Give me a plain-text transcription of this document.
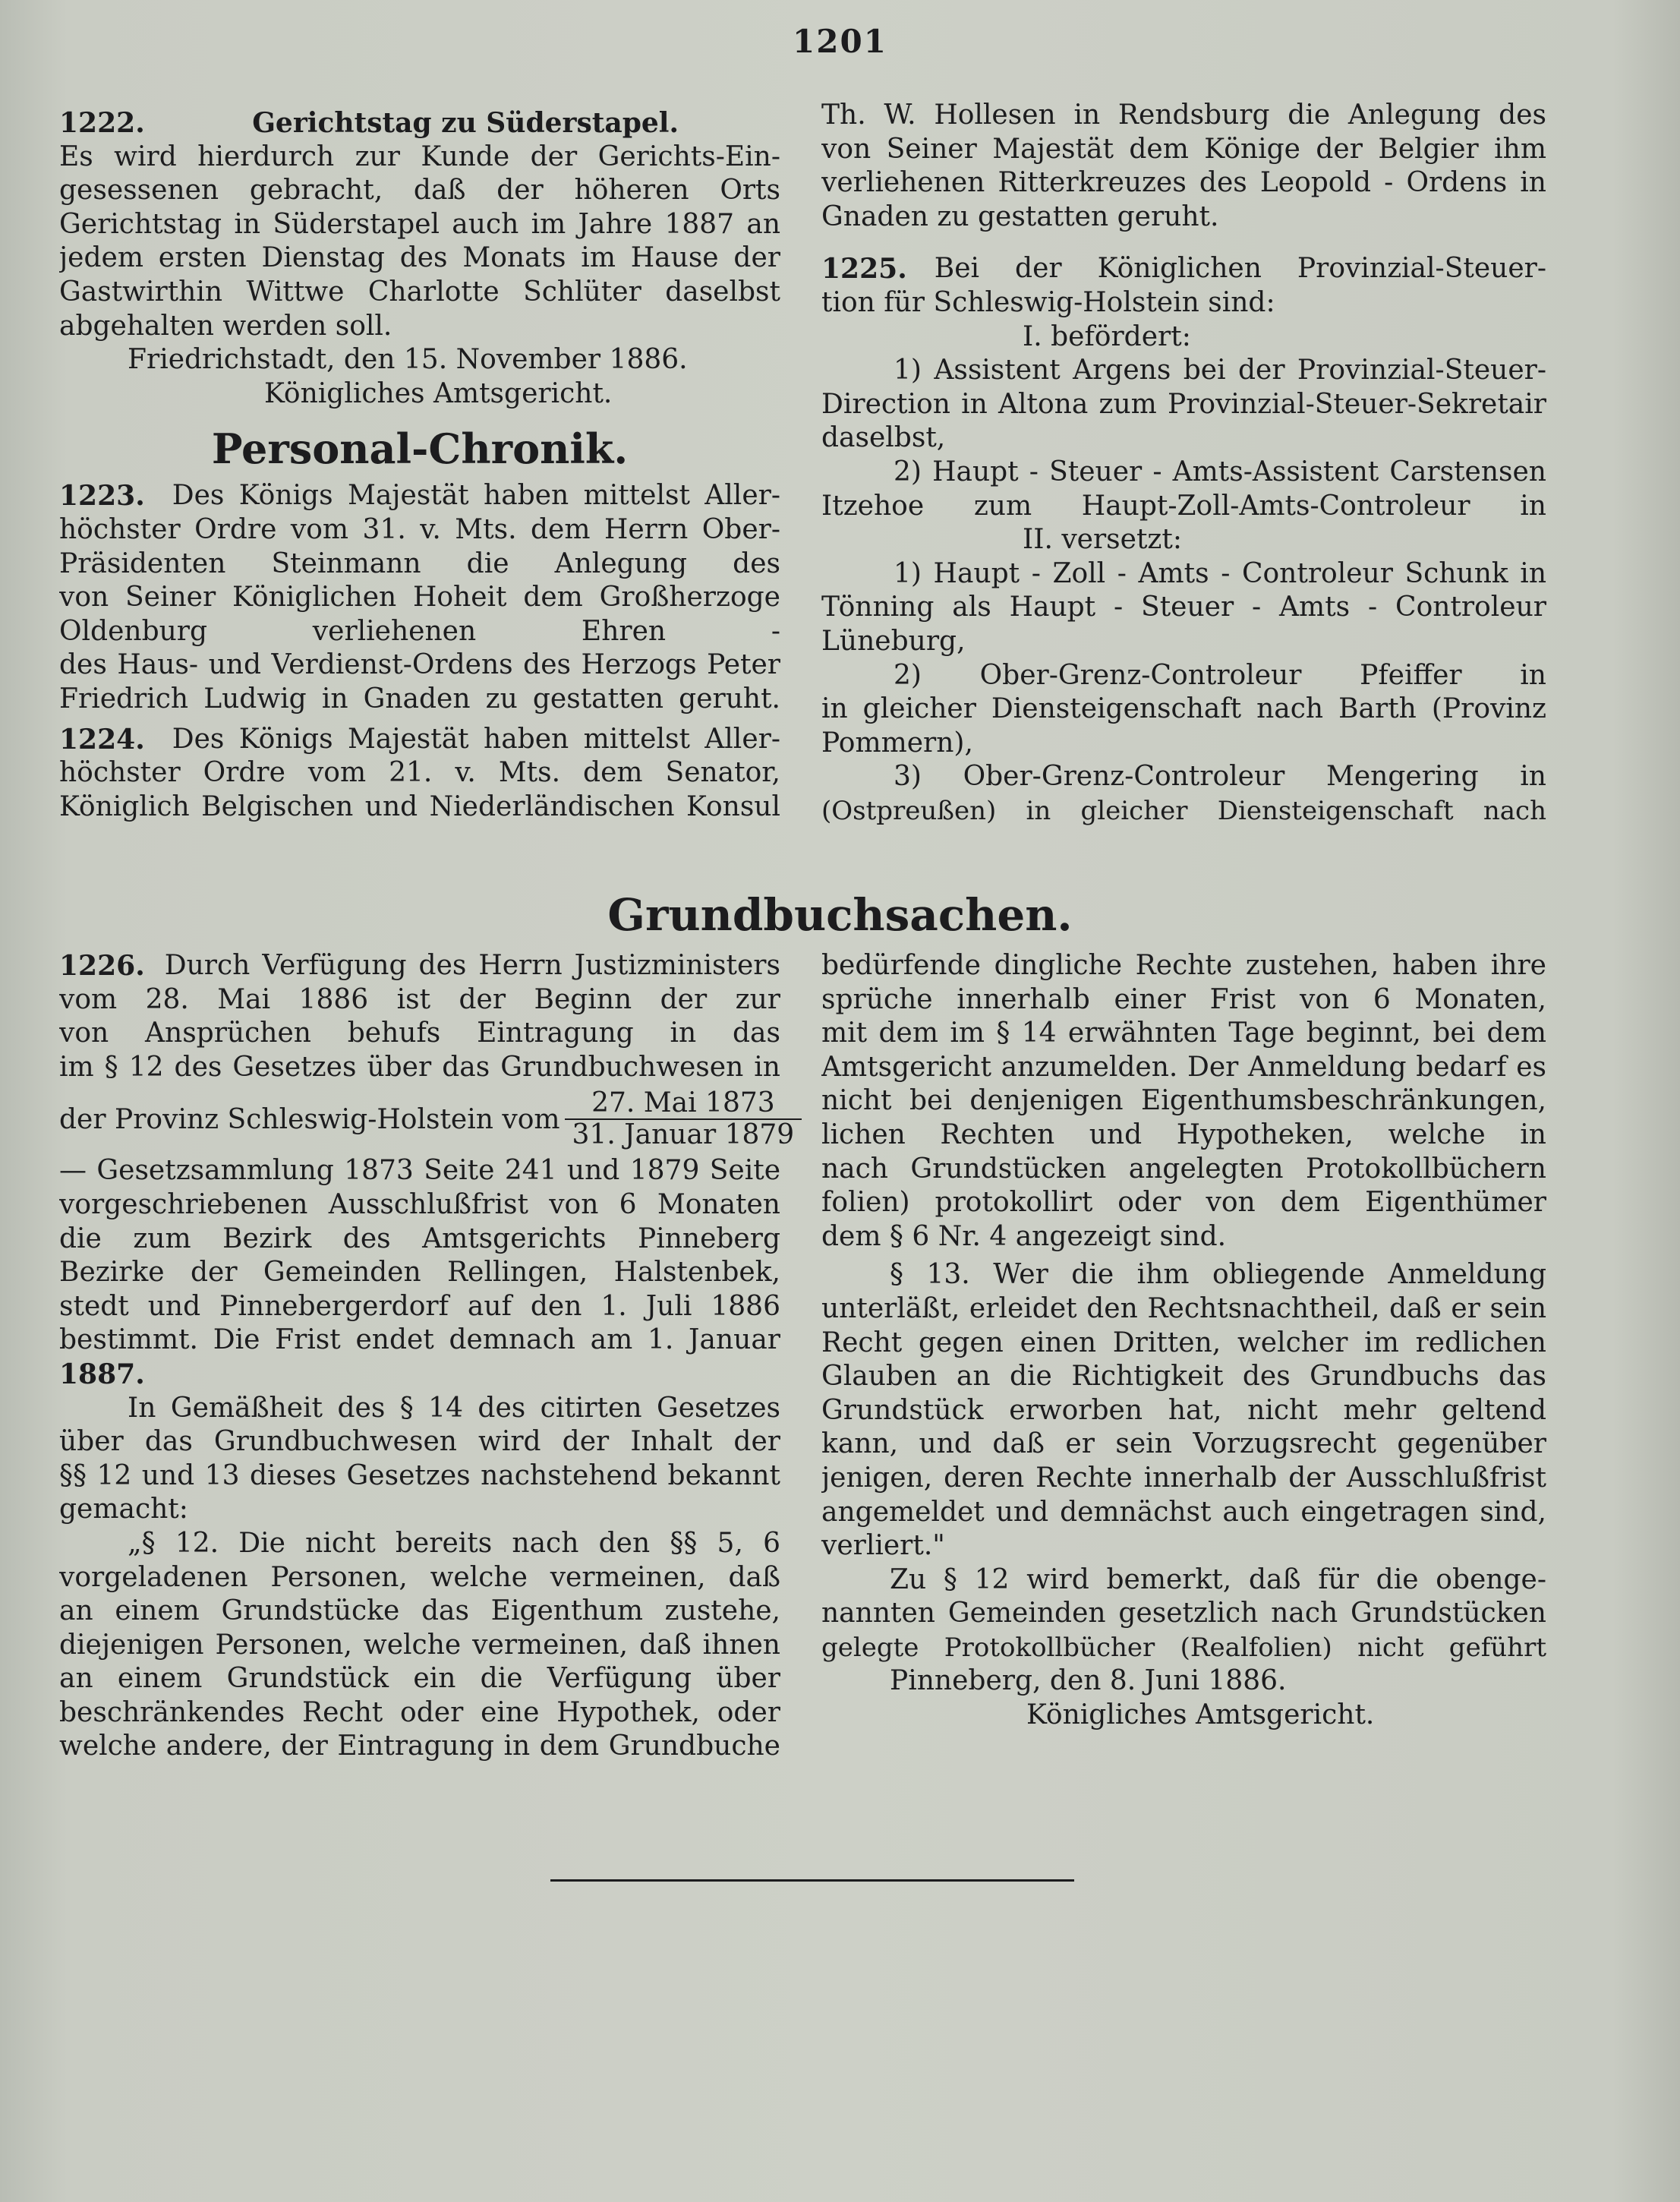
1201
1222.	Gerichtstag zu Süderstapel.
Es wird hierdurch zur Kunde der Gerichts-Ein-
gesessenen gebracht, daß der höheren Orts
Gerichtstag in Süderstapel auch im Jahre 1887 an
jedem ersten Dienstag des Monats im Hause der
Gastwirthin Wittwe Charlotte Schlüter daselbst
abgehalten werden soll.
Friedrichstadt, den 15. November 1886.
Königliches Amtsgericht.
Personal-Chronik.
1223. Des Königs Majestät haben mittelst Aller-
höchster Ordre vom 31. v. Mts. dem Herrn Ober-
Präsidenten Steinmann die Anlegung des
von Seiner Königlichen Hoheit dem Großherzoge
Oldenburg verliehenen Ehren -
des Haus- und Verdienst-Ordens des Herzogs Peter
Friedrich Ludwig in Gnaden zu gestatten geruht.
1224. Des Königs Majestät haben mittelst Aller-
höchster Ordre vom 21. v. Mts. dem Senator,
Königlich Belgischen und Niederländischen Konsul
Th. W. Hollesen in Rendsburg die Anlegung des
von Seiner Majestät dem Könige der Belgier ihm
verliehenen Ritterkreuzes des Leopold - Ordens in
Gnaden zu gestatten geruht.
1225. Bei der Königlichen Provinzial-Steuer-
tion für Schleswig-Holstein sind:
I. befördert:
1) Assistent Argens bei der Provinzial-Steuer-
Direction in Altona zum Provinzial-Steuer-Sekretair
daselbst,
2) Haupt - Steuer - Amts-Assistent Carstensen
Itzehoe zum Haupt-Zoll-Amts-Controleur in
II. versetzt:
1) Haupt - Zoll - Amts - Controleur Schunk in
Tönning als Haupt - Steuer - Amts - Controleur
Lüneburg,
2) Ober-Grenz-Controleur Pfeiffer in
in gleicher Diensteigenschaft nach Barth (Provinz
Pommern),
3) Ober-Grenz-Controleur Mengering in
(Ostpreußen) in gleicher Diensteigenschaft nach
Grundbuchsachen.
1226. Durch Verfügung des Herrn Justizministers
vom 28. Mai 1886 ist der Beginn der zur
von Ansprüchen behufs Eintragung in das
im § 12 des Gesetzes über das Grundbuchwesen in
der Provinz Schleswig-Holstein vom $\frac{\text{27. Mai 1873}}{\text{31. Januar 1879}}$
— Gesetzsammlung 1873 Seite 241 und 1879 Seite
vorgeschriebenen Ausschlußfrist von 6 Monaten
die zum Bezirk des Amtsgerichts Pinneberg
Bezirke der Gemeinden Rellingen, Halstenbek,
stedt und Pinnebergerdorf auf den 1. Juli 1886
bestimmt. Die Frist endet demnach am 1. Januar
1887.
In Gemäßheit des § 14 des citirten Gesetzes
über das Grundbuchwesen wird der Inhalt der
§§ 12 und 13 dieses Gesetzes nachstehend bekannt
gemacht:
„§ 12. Die nicht bereits nach den §§ 5, 6
vorgeladenen Personen, welche vermeinen, daß
an einem Grundstücke das Eigenthum zustehe,
diejenigen Personen, welche vermeinen, daß ihnen
an einem Grundstück ein die Verfügung über
beschränkendes Recht oder eine Hypothek, oder
welche andere, der Eintragung in dem Grundbuche
bedürfende dingliche Rechte zustehen, haben ihre
sprüche innerhalb einer Frist von 6 Monaten,
mit dem im § 14 erwähnten Tage beginnt, bei dem
Amtsgericht anzumelden. Der Anmeldung bedarf es
nicht bei denjenigen Eigenthumsbeschränkungen,
lichen Rechten und Hypotheken, welche in
nach Grundstücken angelegten Protokollbüchern
folien) protokollirt oder von dem Eigenthümer
dem § 6 Nr. 4 angezeigt sind.
§ 13. Wer die ihm obliegende Anmeldung
unterläßt, erleidet den Rechtsnachtheil, daß er sein
Recht gegen einen Dritten, welcher im redlichen
Glauben an die Richtigkeit des Grundbuchs das
Grundstück erworben hat, nicht mehr geltend
kann, und daß er sein Vorzugsrecht gegenüber
jenigen, deren Rechte innerhalb der Ausschlußfrist
angemeldet und demnächst auch eingetragen sind,
verliert."
Zu § 12 wird bemerkt, daß für die obenge-
nannten Gemeinden gesetzlich nach Grundstücken
gelegte Protokollbücher (Realfolien) nicht geführt
Pinneberg, den 8. Juni 1886.
Königliches Amtsgericht.
